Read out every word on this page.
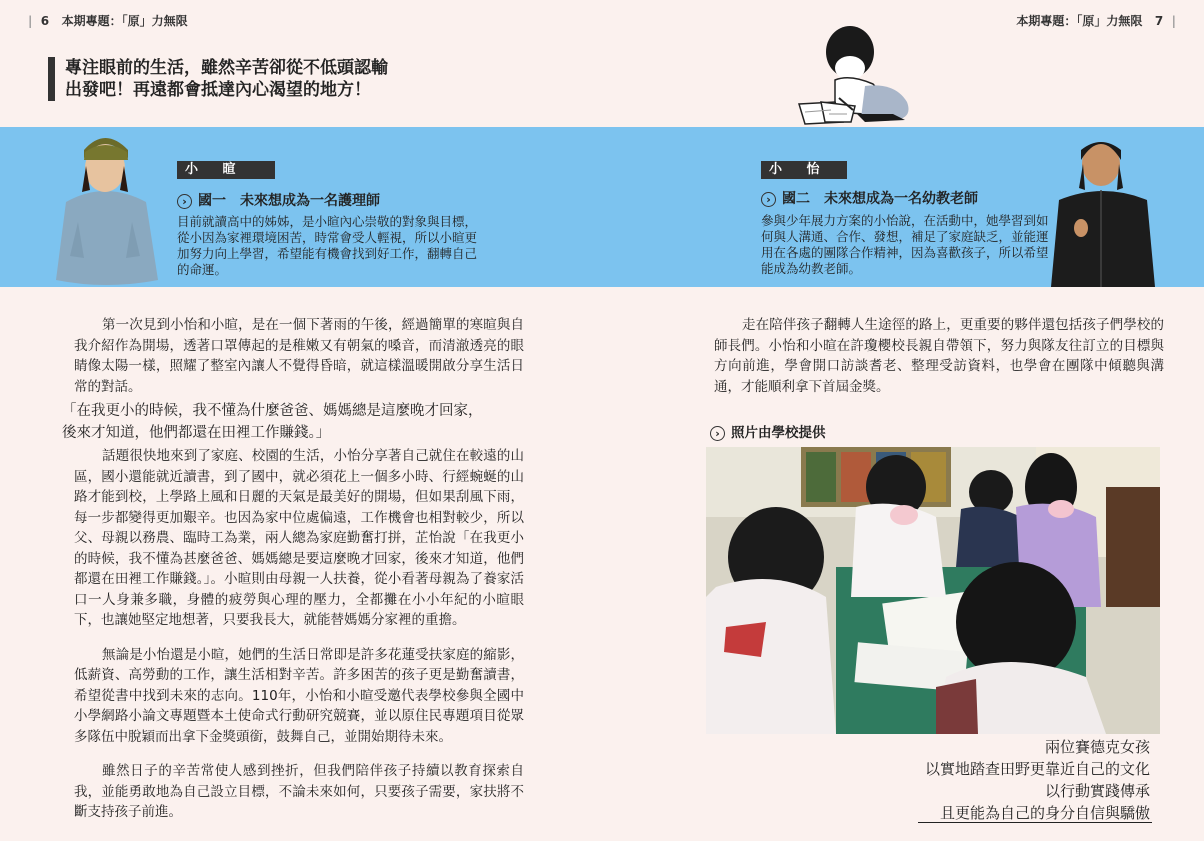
| 6 本期專題：「原」力無限	本期專題：「原」力無限 7 |
專注眼前的生活，雖然辛苦卻從不低頭認輸
出發吧！再遠都會抵達內心渴望的地方！
小 暄
› 國一　未來想成為一名護理師
目前就讀高中的姊姊，是小暄內心崇敬的對象與目標，從小因為家裡環境困苦，時常會受人輕視，所以小暄更加努力向上學習，希望能有機會找到好工作，翻轉自己的命運。
小 怡
› 國二　未來想成為一名幼教老師
參與少年展力方案的小怡說，在活動中，她學習到如何與人溝通、合作、發想，補足了家庭缺乏，並能運用在各處的團隊合作精神，因為喜歡孩子，所以希望能成為幼教老師。

第一次見到小怡和小暄，是在一個下著雨的午後，經過簡單的寒暄與自我介紹作為開場，透著口罩傳起的是稚嫩又有朝氣的嗓音，而清澈透亮的眼睛像太陽一樣，照耀了整室內讓人不覺得昏暗，就這樣溫暖開啟分享生活日常的對話。

「在我更小的時候，我不懂為什麼爸爸、媽媽總是這麼晚才回家，
後來才知道，他們都還在田裡工作賺錢。」

話題很快地來到了家庭、校園的生活，小怡分享著自己就住在較遠的山區，國小還能就近讀書，到了國中，就必須花上一個多小時、行經蜿蜒的山路才能到校，上學路上風和日麗的天氣是最美好的開場，但如果刮風下雨，每一步都變得更加艱辛。也因為家中位處偏遠，工作機會也相對較少，所以父、母親以務農、臨時工為業，兩人總為家庭勤奮打拼，芷怡說「在我更小的時候，我不懂為甚麼爸爸、媽媽總是要這麼晚才回家，後來才知道，他們都還在田裡工作賺錢。」。小暄則由母親一人扶養，從小看著母親為了養家活口一人身兼多職，身體的疲勞與心理的壓力，全都攤在小小年紀的小暄眼下，也讓她堅定地想著，只要我長大，就能替媽媽分家裡的重擔。

無論是小怡還是小暄，她們的生活日常即是許多花蓮受扶家庭的縮影，低薪資、高勞動的工作，讓生活相對辛苦。許多困苦的孩子更是勤奮讀書，希望從書中找到未來的志向。110年，小怡和小暄受邀代表學校參與全國中小學網路小論文專題暨本土使命式行動研究競賽，並以原住民專題項目從眾多隊伍中脫穎而出拿下金獎頭銜，鼓舞自己，並開始期待未來。

雖然日子的辛苦常使人感到挫折，但我們陪伴孩子持續以教育探索自我，並能勇敢地為自己設立目標，不論未來如何，只要孩子需要，家扶將不斷支持孩子前進。

走在陪伴孩子翻轉人生途徑的路上，更重要的夥伴還包括孩子們學校的師長們。小怡和小暄在許瓊櫻校長親自帶領下，努力與隊友往訂立的目標與方向前進，學會開口訪談耆老、整理受訪資料，也學會在團隊中傾聽與溝通，才能順利拿下首屆金獎。

› 照片由學校提供
兩位賽德克女孩
以實地踏查田野更靠近自己的文化
以行動實踐傳承
且更能為自己的身分自信與驕傲
